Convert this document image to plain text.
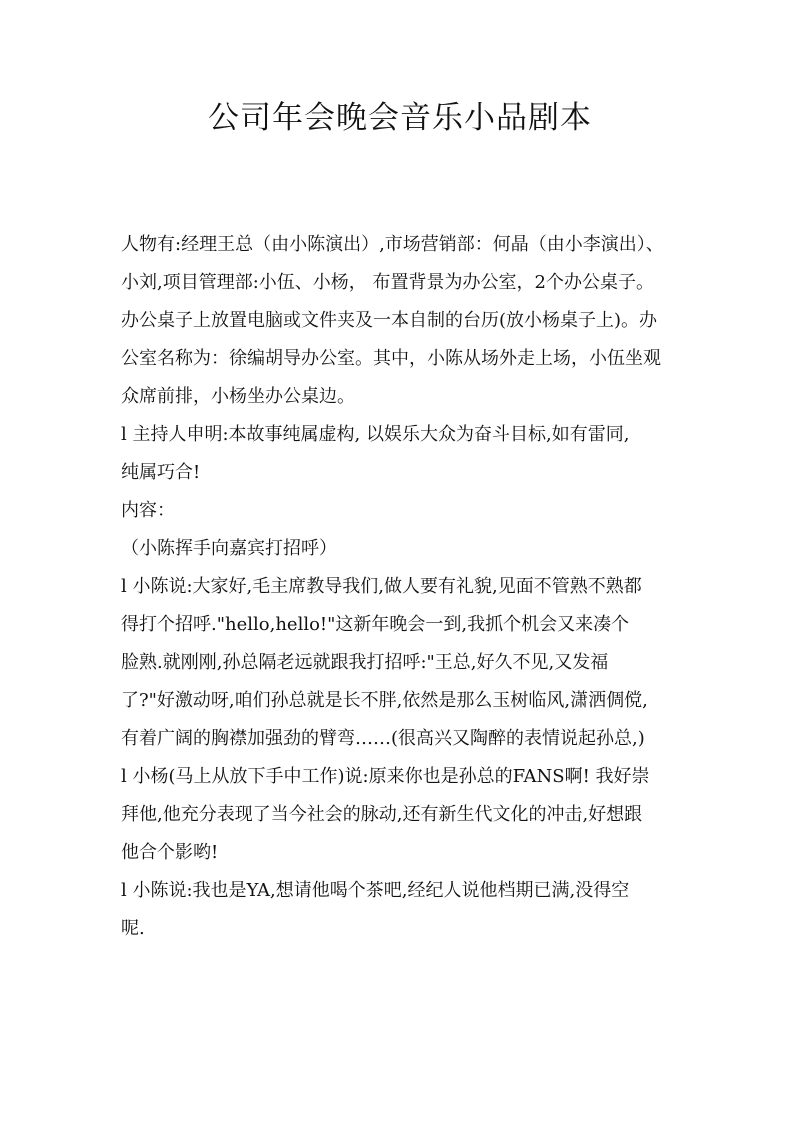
公司年会晚会音乐小品剧本

人物有:经理王总（由小陈演出）,市场营销部：何晶（由小李演出）、

小刘,项目管理部:小伍、小杨， 布置背景为办公室，2个办公桌子。

办公桌子上放置电脑或文件夹及一本自制的台历(放小杨桌子上)。办

公室名称为：徐编胡导办公室。其中，小陈从场外走上场，小伍坐观

众席前排，小杨坐办公桌边。

l 主持人申明:本故事纯属虚构, 以娱乐大众为奋斗目标,如有雷同,

纯属巧合!

内容：

（小陈挥手向嘉宾打招呼）

l 小陈说:大家好,毛主席教导我们,做人要有礼貌,见面不管熟不熟都

得打个招呼."hello,hello!"这新年晚会一到,我抓个机会又来凑个

脸熟.就刚刚,孙总隔老远就跟我打招呼:"王总,好久不见,又发福

了?"好激动呀,咱们孙总就是长不胖,依然是那么玉树临风,潇洒倜傥,

有着广阔的胸襟加强劲的臂弯……(很高兴又陶醉的表情说起孙总,)

l 小杨(马上从放下手中工作)说:原来你也是孙总的FANS啊! 我好崇

拜他,他充分表现了当今社会的脉动,还有新生代文化的冲击,好想跟

他合个影哟!

l 小陈说:我也是YA,想请他喝个茶吧,经纪人说他档期已满,没得空

呢.
